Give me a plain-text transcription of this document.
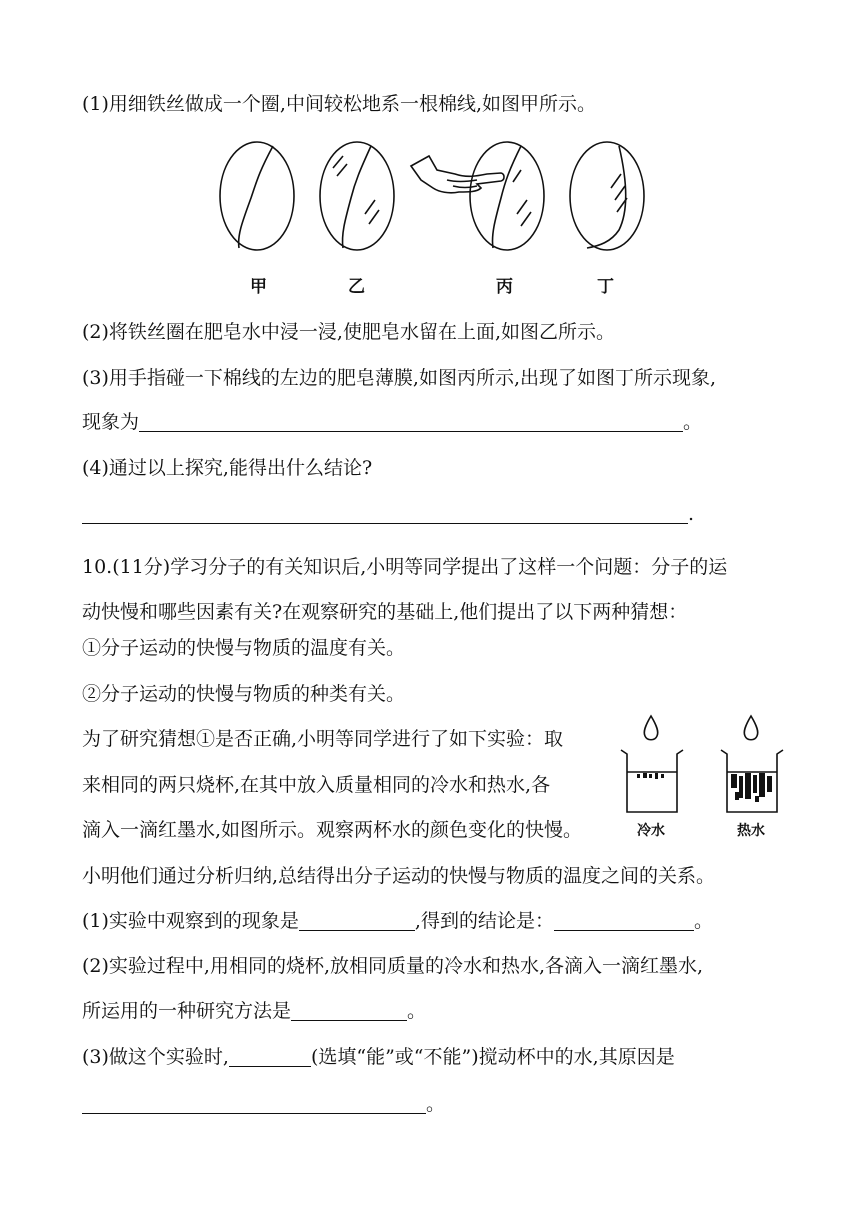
(1)用细铁丝做成一个圈,中间较松地系一根棉线,如图甲所示。
甲	乙	丙	丁
(2)将铁丝圈在肥皂水中浸一浸,使肥皂水留在上面,如图乙所示。
(3)用手指碰一下棉线的左边的肥皂薄膜,如图丙所示,出现了如图丁所示现象,
现象为	。
(4)通过以上探究,能得出什么结论?
.
10.(11分)学习分子的有关知识后,小明等同学提出了这样一个问题：分子的运
动快慢和哪些因素有关?在观察研究的基础上,他们提出了以下两种猜想：
①分子运动的快慢与物质的温度有关。
②分子运动的快慢与物质的种类有关。
为了研究猜想①是否正确,小明等同学进行了如下实验：取
来相同的两只烧杯,在其中放入质量相同的冷水和热水,各
滴入一滴红墨水,如图所示。观察两杯水的颜色变化的快慢。	冷水	热水
小明他们通过分析归纳,总结得出分子运动的快慢与物质的温度之间的关系。
(1)实验中观察到的现象是	,得到的结论是：	。
(2)实验过程中,用相同的烧杯,放相同质量的冷水和热水,各滴入一滴红墨水,
所运用的一种研究方法是	。
(3)做这个实验时,	(选填“能”或“不能”)搅动杯中的水,其原因是
。
